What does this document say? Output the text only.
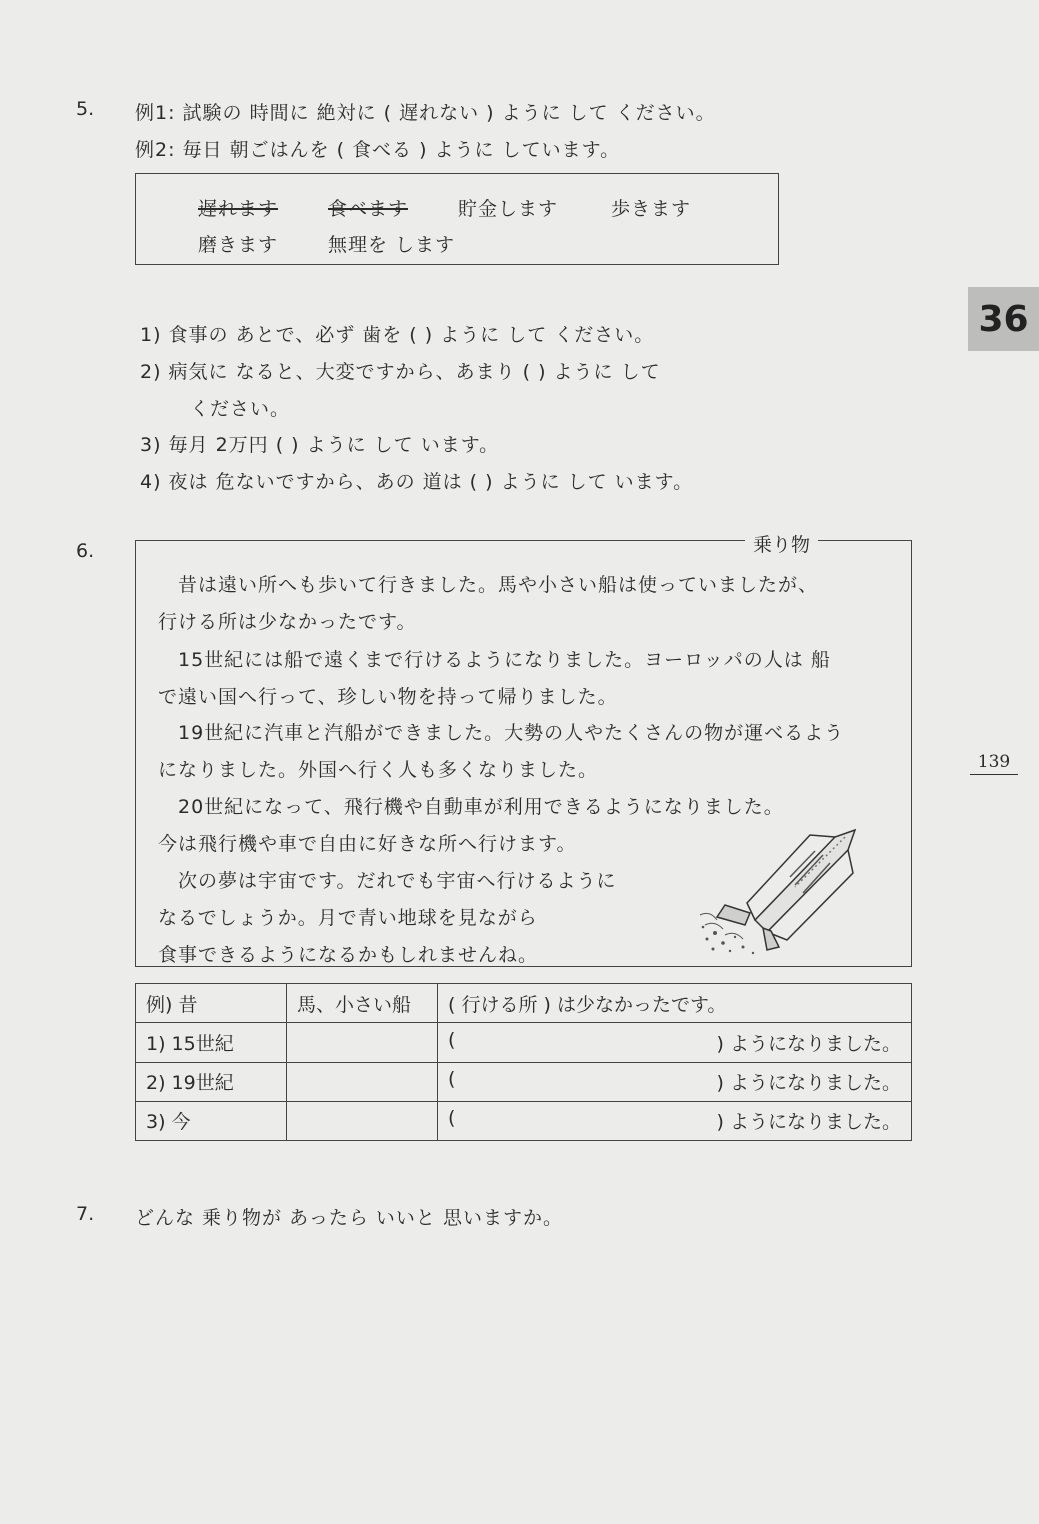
36
139
5. 例1: 試験の 時間に 絶対に ( 遅れない ) ように して ください。
例2: 毎日 朝ごはんを ( 食べる ) ように しています。
遅れます	食べます	貯金します	歩きます
磨きます	無理を します
1) 食事の あとで、必ず 歯を ( ) ように して ください。
2) 病気に なると、大変ですから、あまり ( ) ように して
ください。
3) 毎月 2万円 ( ) ように して います。
4) 夜は 危ないですから、あの 道は ( ) ように して います。
6.	乗り物
昔は遠い所へも歩いて行きました。馬や小さい船は使っていましたが、
行ける所は少なかったです。
15世紀には船で遠くまで行けるようになりました。ヨーロッパの人は 船
で遠い国へ行って、珍しい物を持って帰りました。
19世紀に汽車と汽船ができました。大勢の人やたくさんの物が運べるよう
になりました。外国へ行く人も多くなりました。
20世紀になって、飛行機や自動車が利用できるようになりました。
今は飛行機や車で自由に好きな所へ行けます。
次の夢は宇宙です。だれでも宇宙へ行けるように
なるでしょうか。月で青い地球を見ながら
食事できるようになるかもしれませんね。
例) 昔	馬、小さい船	( 行ける所 ) は少なかったです。
1) 15世紀		( ) ようになりました。

2) 19世紀		( ) ようになりました。

3) 今		( ) ようになりました。
7. どんな 乗り物が あったら いいと 思いますか。
